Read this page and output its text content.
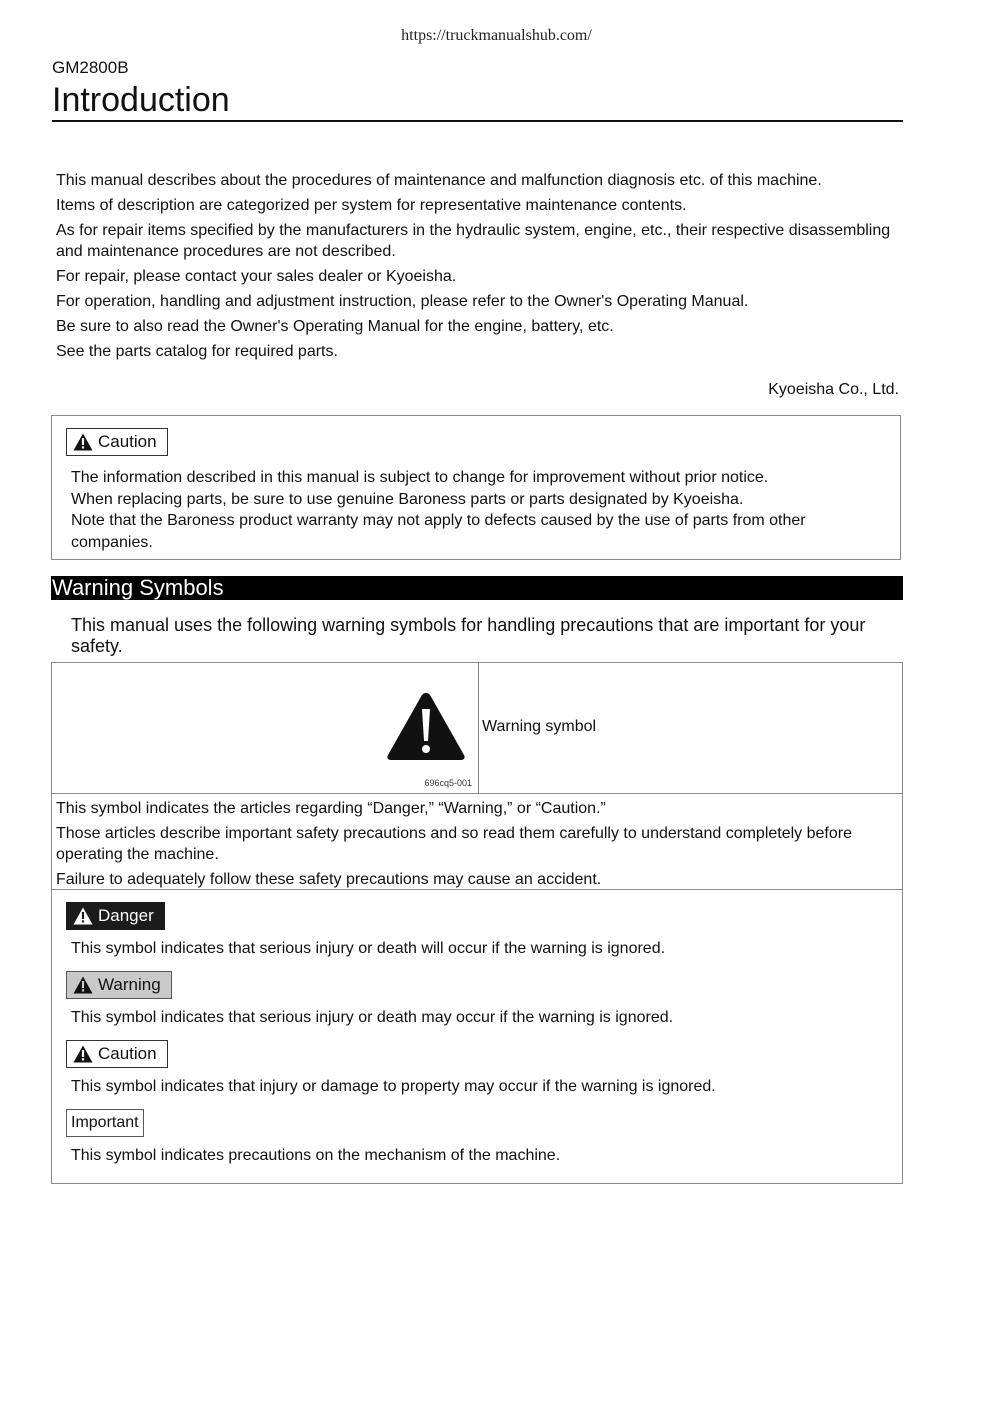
https://truckmanualshub.com/
GM2800B
Introduction

This manual describes about the procedures of maintenance and malfunction diagnosis etc. of this machine.

Items of description are categorized per system for representative maintenance contents.

As for repair items specified by the manufacturers in the hydraulic system, engine, etc., their respective disassembling and maintenance procedures are not described.

For repair, please contact your sales dealer or Kyoeisha.

For operation, handling and adjustment instruction, please refer to the Owner's Operating Manual.

Be sure to also read the Owner's Operating Manual for the engine, battery, etc.

See the parts catalog for required parts.

Kyoeisha Co., Ltd.
Caution
The information described in this manual is subject to change for improvement without prior notice.
When replacing parts, be sure to use genuine Baroness parts or parts designated by Kyoeisha.
Note that the Baroness product warranty may not apply to defects caused by the use of parts from other companies.
Warning Symbols
This manual uses the following warning symbols for handling precautions that are important for your safety.
696cq5-001
Warning symbol

This symbol indicates the articles regarding “Danger,” “Warning,” or “Caution.”

Those articles describe important safety precautions and so read them carefully to understand completely before operating the machine.

Failure to adequately follow these safety precautions may cause an accident.

Danger
This symbol indicates that serious injury or death will occur if the warning is ignored.
Warning
This symbol indicates that serious injury or death may occur if the warning is ignored.
Caution
This symbol indicates that injury or damage to property may occur if the warning is ignored.
Important
This symbol indicates precautions on the mechanism of the machine.
